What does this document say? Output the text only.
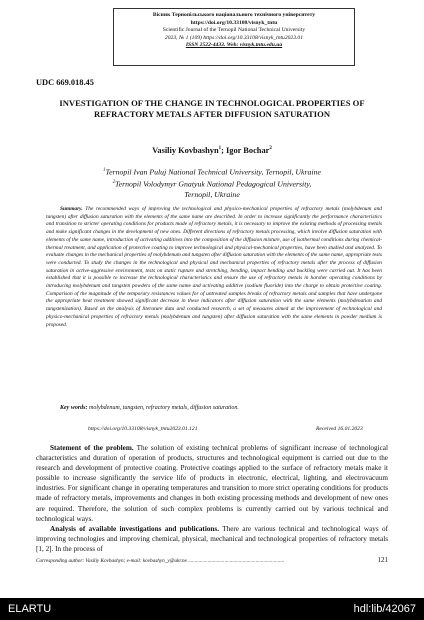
Вісник Тернопільського національного технічного університету
https://doi.org/10.33108/visnyk_tntu
Scientific Journal of the Ternopil National Technical University
2023, № 1 (109) https://doi.org/10.33108/visnyk_tntu2023.01
ISSN 2522-4433. Web: visnyk.tntu.edu.ua
UDC 669.018.45
INVESTIGATION OF THE CHANGE IN TECHNOLOGICAL PROPERTIES OF REFRACTORY METALS AFTER DIFFUSION SATURATION
Vasiliy Kovbashyn$^1$; Igor Bochar$^2$
$^1$Ternopil Ivan Puluj National Technical University, Ternopil, Ukraine
$^2$Ternopil Volodymyr Gnatyuk National Pedagogical University,
Ternopil, Ukraine
Summary. The recommended ways of improving the technological and physico-mechanical properties of refractory metals (molybdenum and tungsten) after diffusion saturation with the elements of the same name are described. In order to increase significantly the performance characteristics and transition to stricter operating conditions for products made of refractory metals, it is necessary to improve the existing methods of processing metals and make significant changes in the development of new ones. Different directions of refractory metals processing, which involve diffusion saturation with elements of the same name, introduction of activating additives into the composition of the diffusion mixture, use of isothermal conditions during chemical-thermal treatment, and application of protective coating to improve technological and physical-mechanical properties, have been studied and analyzed. To evaluate changes in the mechanical properties of molybdenum and tungsten after diffusion saturation with the elements of the same name, appropriate tests were conducted. To study the changes in the technological and physical and mechanical properties of refractory metals after the process of diffusion saturation in active-aggressive environment, tests on static rupture and stretching, bending, impact bending and buckling were carried out. It has been established that it is possible to increase the technological characteristics and ensure the use of refractory metals in harsher operating conditions by introducing molybdenum and tungsten powders of the same name and activating additive (sodium fluoride) into the charge to obtain protective coating. Comparison of the magnitude of the temporary resistances values for of untreated samples breaks of refractory metals and samples that have undergone the appropriate heat treatment showed significant decrease in these indicators after diffusion saturation with the same elements (molybdenation and tungstenization). Based on the analysis of literature data and conducted research, a set of measures aimed at the improvement of technological and physico-mechanical properties of refractory metals (molybdenum and tungsten) after diffusion saturation with the same elements in powder medium is proposed.
Key words: molybdenum, tungsten, refractory metals, diffusion saturation.
https://doi.org/10.33108/visnyk_tntu2023.01.121	Received 16.01.2023

Statement of the problem. The solution of existing technical problems of significant increase of technological characteristics and duration of operation of products, structures and technological equipment is carried out due to the research and development of protective coating. Protective coatings applied to the surface of refractory metals make it possible to increase significantly the service life of products in electronic, electrical, lighting, and electrovacuum industries. For significant change in operating temperatures and transition to more strict operating conditions for products made of refractory metals, improvements and changes in both existing processing methods and development of new ones are required. Therefore, the solution of such complex problems is currently carried out by various technical and technological ways.

Analysis of available investigations and publications. There are various technical and technological ways of improving technologies and improving chemical, physical, mechanical and technological properties of refractory metals [1, 2]. In the process of

Corresponding author: Vasiliy Kovbashyn; e-mail: kovbashyn_y@ukr.ne ..........................................................................	121
ELARTU	hdl:lib/42067
